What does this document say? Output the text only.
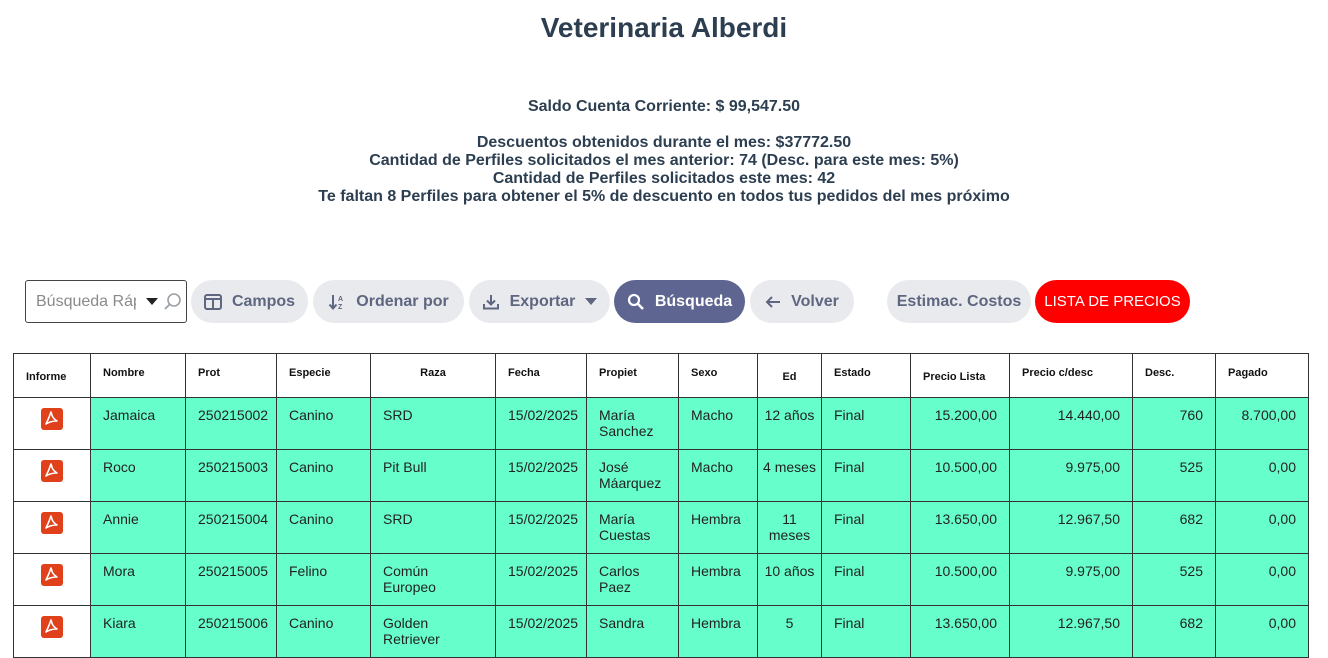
Veterinaria Alberdi
Saldo Cuenta Corriente: $ 99,547.50
Descuentos obtenidos durante el mes: $37772.50
Cantidad de Perfiles solicitados el mes anterior: 74 (Desc. para este mes: 5%)
Cantidad de Perfiles solicitados este mes: 42
Te faltan 8 Perfiles para obtener el 5% de descuento en todos tus pedidos del mes próximo
Búsqueda Rápida
Campos	A
Z Ordenar por	Exportar	Búsqueda	Volver	Estimac. Costos LISTA DE PRECIOS
Informe	Nombre	Prot	Especie	Raza	Fecha	Propiet	Sexo	Ed	Estado	Precio Lista	Precio c/desc	Desc.	Pagado
	Jamaica	250215002	Canino	SRD	15/02/2025	María Sanchez	Macho	12 años	Final	15.200,00	14.440,00	760	8.700,00
	Roco	250215003	Canino	Pit Bull	15/02/2025	José Máarquez	Macho	4 meses	Final	10.500,00	9.975,00	525	0,00
	Annie	250215004	Canino	SRD	15/02/2025	María Cuestas	Hembra	11 meses	Final	13.650,00	12.967,50	682	0,00
	Mora	250215005	Felino	Común Europeo	15/02/2025	Carlos Paez	Hembra	10 años	Final	10.500,00	9.975,00	525	0,00
	Kiara	250215006	Canino	Golden Retriever	15/02/2025	Sandra	Hembra	5	Final	13.650,00	12.967,50	682	0,00
